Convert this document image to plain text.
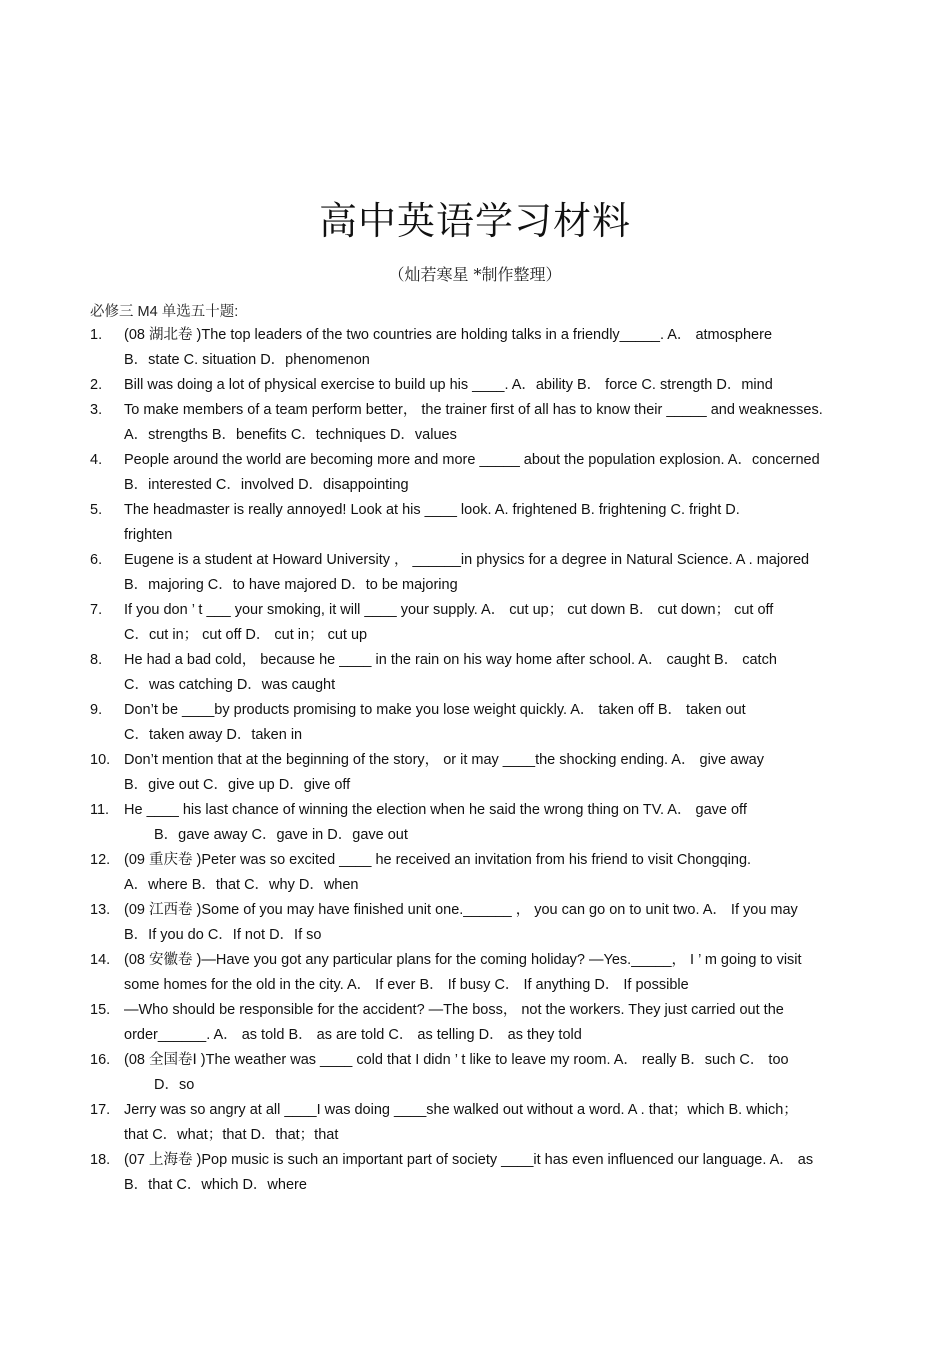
高中英语学习材料
（灿若寒星 *制作整理）
必修三 M4 单选五十题:
1.	(08 湖北卷 )The top leaders of the two countries are holding talks in a friendly_____. A． atmosphere
B．state C. situation D．phenomenon
2.	Bill was doing a lot of physical exercise to build up his ____. A．ability B． force C. strength D．mind
3.	To make members of a team perform better， the trainer first of all has to know their _____ and weaknesses.
A．strengths B．benefits C．techniques D．values
4.	People around the world are becoming more and more _____ about the population explosion. A．concerned
B．interested C．involved D．disappointing
5.	The headmaster is really annoyed! Look at his ____ look. A. frightened B. frightening C. fright D.
frighten
6.	Eugene is a student at Howard University ， ______in physics for a degree in Natural Science. A . majored
B．majoring C．to have majored D．to be majoring
7.	If you don ’ t ___ your smoking, it will ____ your supply. A． cut up； cut down B． cut down； cut off
C．cut in； cut off D． cut in； cut up
8.	He had a bad cold， because he ____ in the rain on his way home after school. A． caught B． catch
C．was catching D．was caught
9.	Don’t be ____by products promising to make you lose weight quickly. A． taken off B． taken out
C．taken away D．taken in
10. Don’t mention that at the beginning of the story， or it may ____the shocking ending. A． give away
B．give out C．give up D．give off
11.	He ____ his last chance of winning the election when he said the wrong thing on TV. A． gave off
B．gave away C．gave in D．gave out
12. (09 重庆卷 )Peter was so excited ____ he received an invitation from his friend to visit Chongqing.
A．where B．that C．why D．when
13. (09 江西卷 )Some of you may have finished unit one.______ ， you can go on to unit two. A． If you may
B．If you do C．If not D．If so
14. (08 安徽卷 )—Have you got any particular plans for the coming holiday? —Yes._____， I ’ m going to visit
some homes for the old in the city. A． If ever B． If busy C． If anything D． If possible
15. —Who should be responsible for the accident? —The boss， not the workers. They just carried out the
order______. A． as told B． as are told C． as telling D． as they told
16. (08 全国卷Ⅰ )The weather was ____ cold that I didn ’ t like to leave my room. A． really B．such C． too
D．so
17. Jerry was so angry at all ____I was doing ____she walked out without a word. A . that；which B. which；
that C．what；that D．that；that
18. (07 上海卷 )Pop music is such an important part of society ____it has even influenced our language. A． as
B．that C．which D．where
